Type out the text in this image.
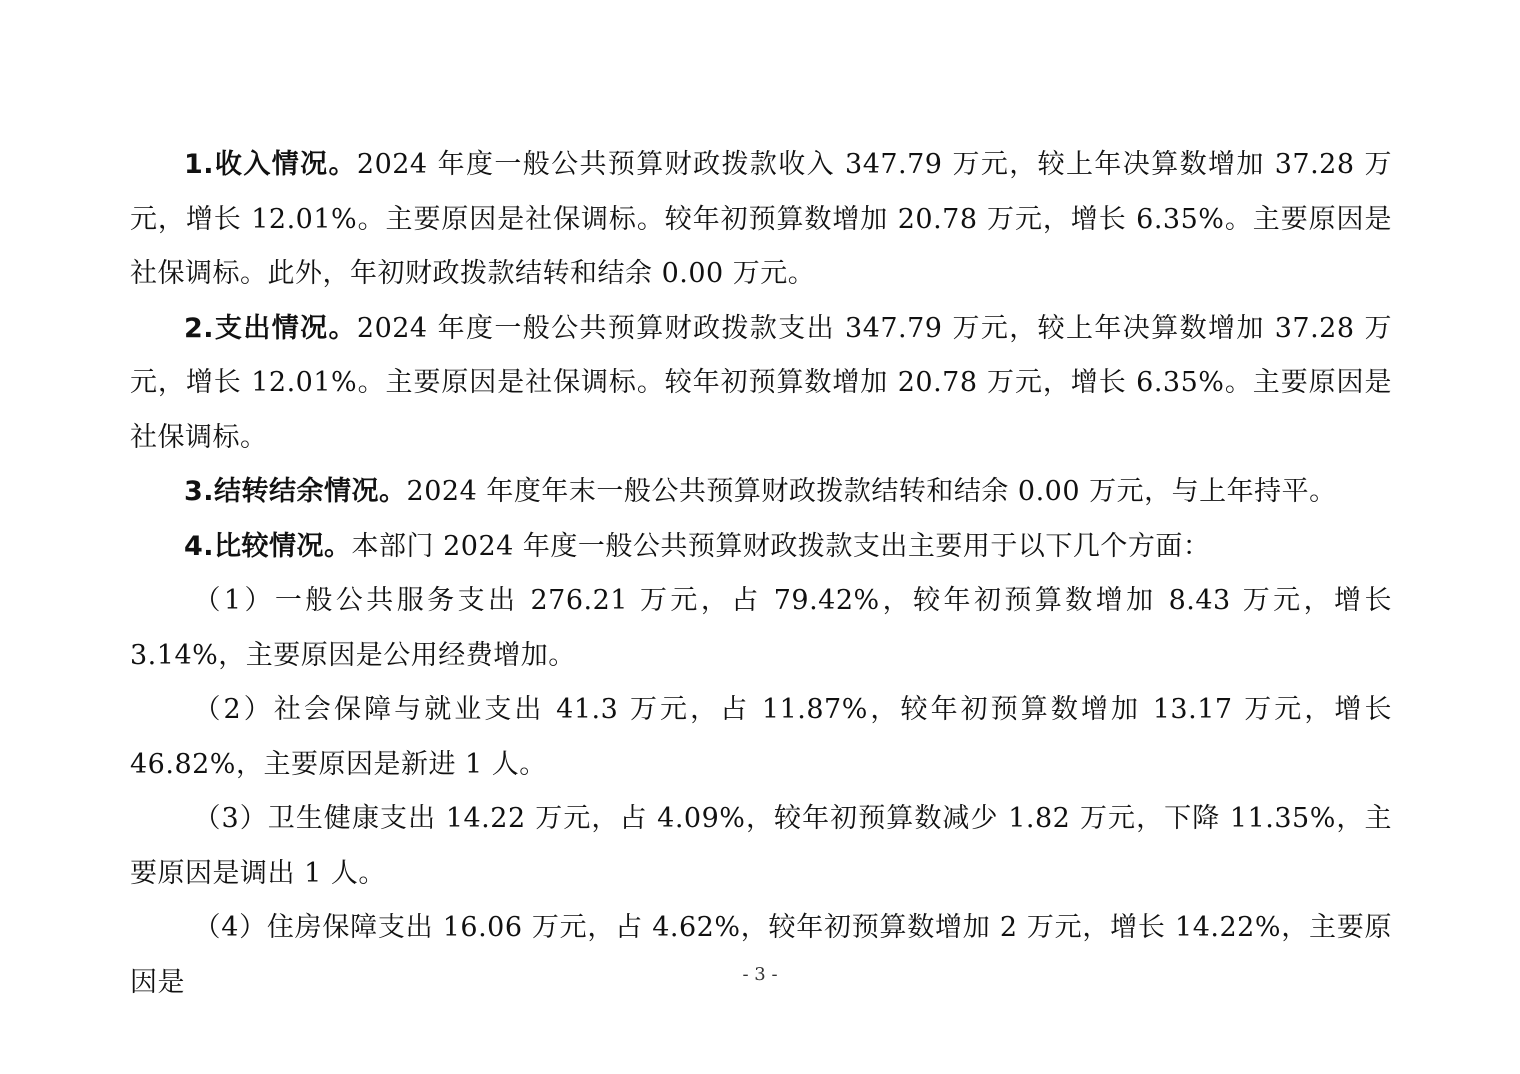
1.收入情况。2024 年度一般公共预算财政拨款收入 347.79 万元，较上年决算数增加 37.28 万元，增长 12.01%。主要原因是社保调标。较年初预算数增加 20.78 万元，增长 6.35%。主要原因是社保调标。此外，年初财政拨款结转和结余 0.00 万元。

2.支出情况。2024 年度一般公共预算财政拨款支出 347.79 万元，较上年决算数增加 37.28 万元，增长 12.01%。主要原因是社保调标。较年初预算数增加 20.78 万元，增长 6.35%。主要原因是社保调标。

3.结转结余情况。2024 年度年末一般公共预算财政拨款结转和结余 0.00 万元，与上年持平。

4.比较情况。本部门 2024 年度一般公共预算财政拨款支出主要用于以下几个方面：

（1）一般公共服务支出 276.21 万元，占 79.42%，较年初预算数增加 8.43 万元，增长 3.14%，主要原因是公用经费增加。

（2）社会保障与就业支出 41.3 万元，占 11.87%，较年初预算数增加 13.17 万元，增长 46.82%，主要原因是新进 1 人。

（3）卫生健康支出 14.22 万元，占 4.09%，较年初预算数减少 1.82 万元，下降 11.35%，主要原因是调出 1 人。

（4）住房保障支出 16.06 万元，占 4.62%，较年初预算数增加 2 万元，增长 14.22%，主要原因是	- 3 -
